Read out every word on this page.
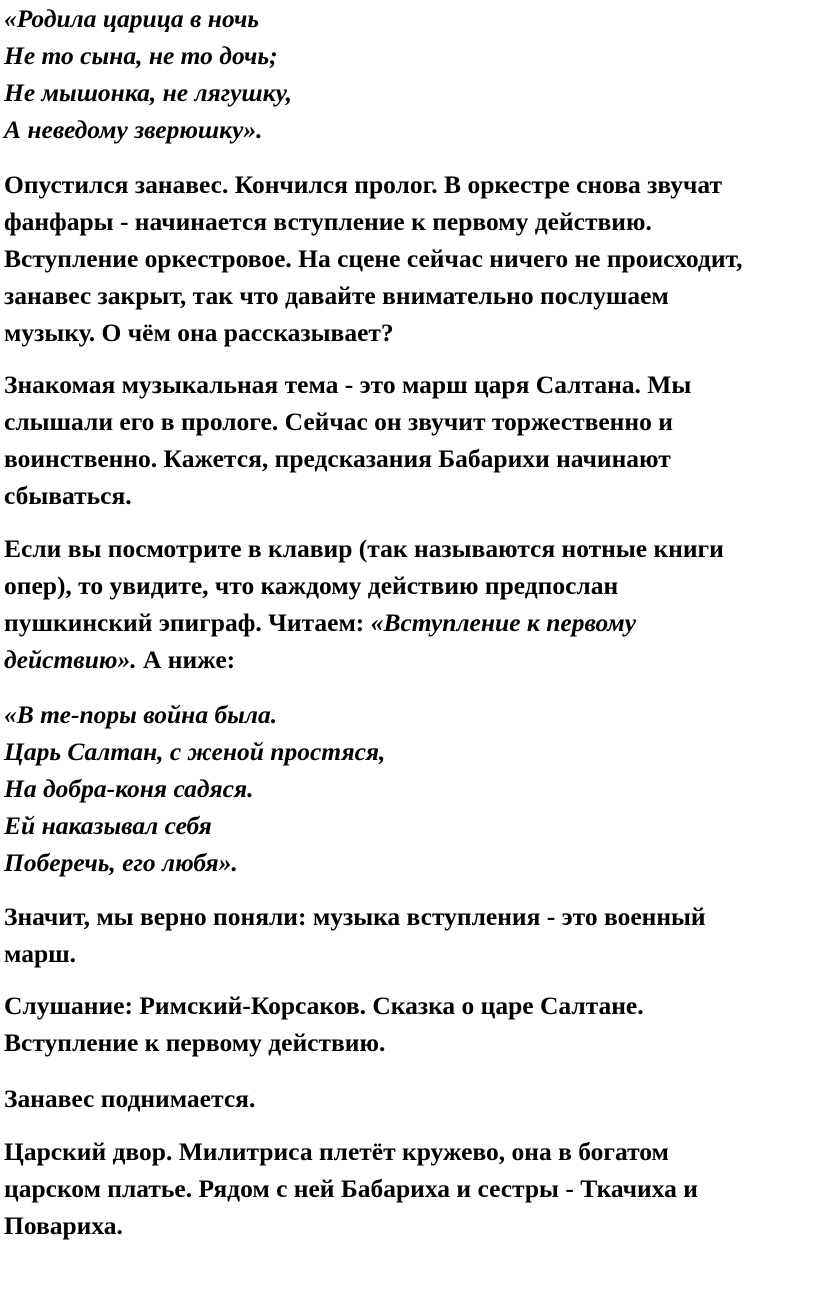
«Родила царица в ночь
Не то сына, не то дочь;
Не мышонка, не лягушку,
А неведому зверюшку».
Опустился занавес. Кончился пролог. В оркестре снова звучат
фанфары - начинается вступление к первому действию.
Вступление оркестровое. На сцене сейчас ничего не происходит,
занавес закрыт, так что давайте внимательно послушаем
музыку. О чём она рассказывает?
Знакомая музыкальная тема - это марш царя Салтана. Мы
слышали его в прологе. Сейчас он звучит торжественно и
воинственно. Кажется, предсказания Бабарихи начинают
сбываться.
Если вы посмотрите в клавир (так называются нотные книги
опер), то увидите, что каждому действию предпослан
пушкинский эпиграф. Читаем: «Вступление к первому
действию». А ниже:
«В те-поры война была.
Царь Салтан, с женой простяся,
На добра-коня садяся.
Ей наказывал себя
Поберечь, его любя».
Значит, мы верно поняли: музыка вступления - это военный
марш.
Слушание: Римский-Корсаков. Сказка о царе Салтане.
Вступление к первому действию.
Занавес поднимается.
Царский двор. Милитриса плетёт кружево, она в богатом
царском платье. Рядом с ней Бабариха и сестры - Ткачиха и
Повариха.
